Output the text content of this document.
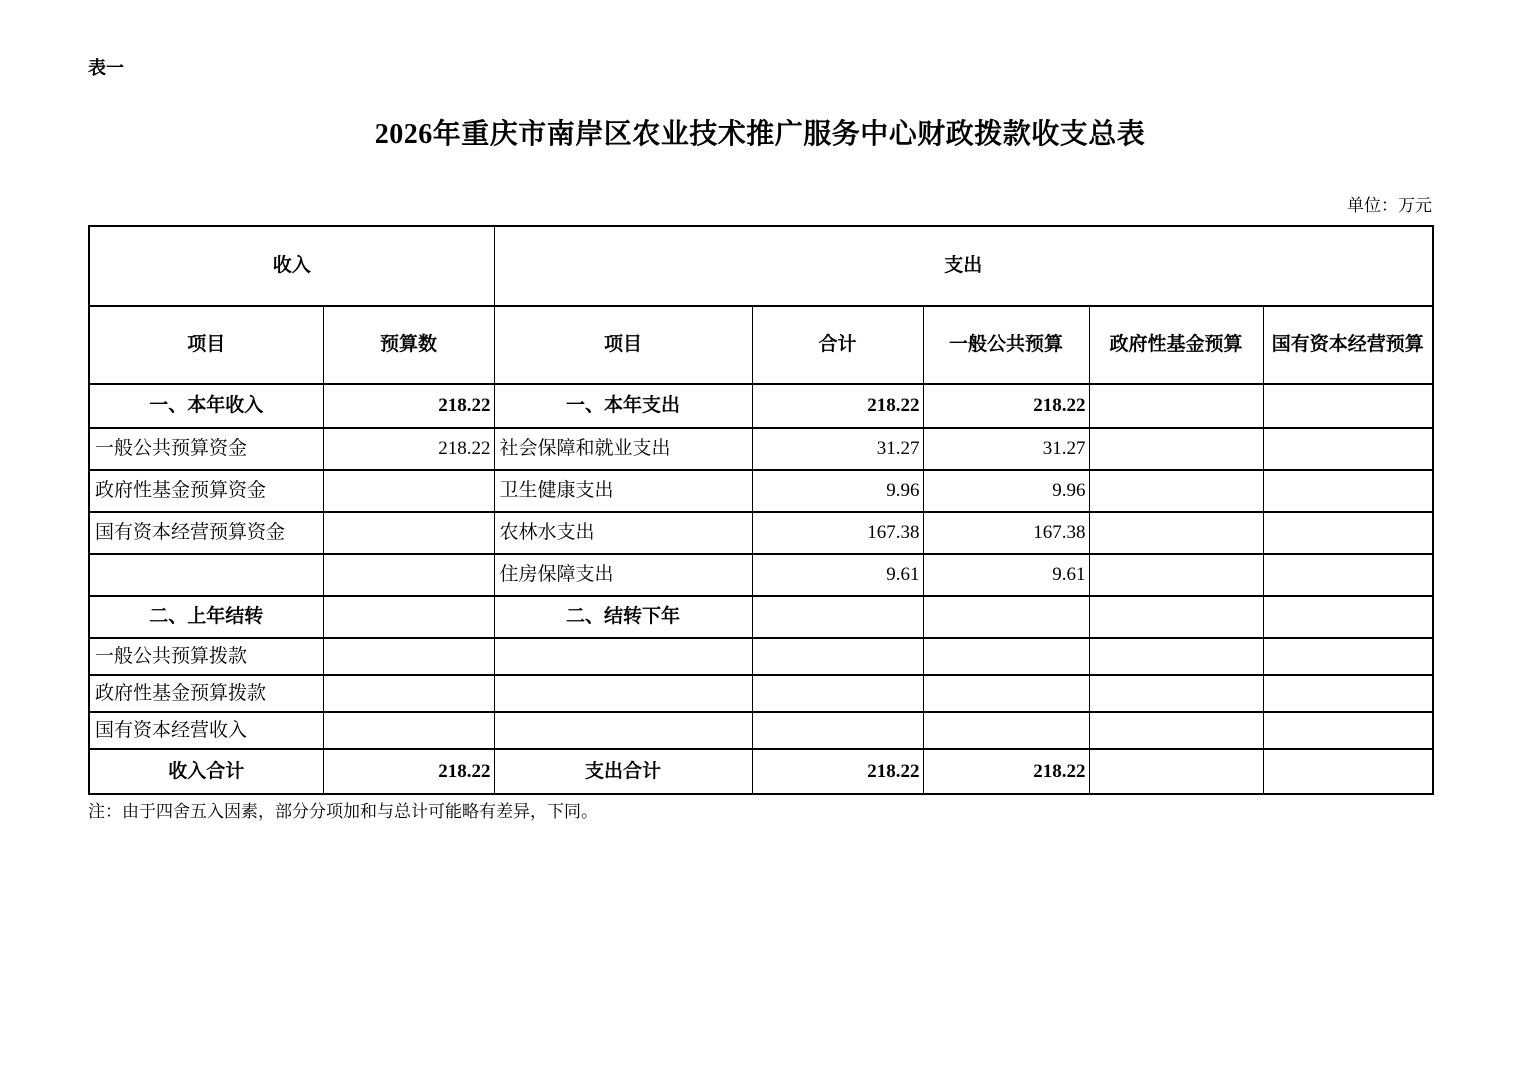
表一
2026年重庆市南岸区农业技术推广服务中心财政拨款收支总表
单位：万元
收入		支出				
项目	预算数	项目	合计	一般公共预算	政府性基金预算	国有资本经营预算
一、本年收入	218.22	一、本年支出	218.22	218.22		
一般公共预算资金	218.22	社会保障和就业支出	31.27	31.27		
政府性基金预算资金		卫生健康支出	9.96	9.96		
国有资本经营预算资金		农林水支出	167.38	167.38		
		住房保障支出	9.61	9.61		
二、上年结转		二、结转下年				
一般公共预算拨款						
政府性基金预算拨款						
国有资本经营收入						
收入合计	218.22	支出合计	218.22	218.22		
注：由于四舍五入因素，部分分项加和与总计可能略有差异，下同。
